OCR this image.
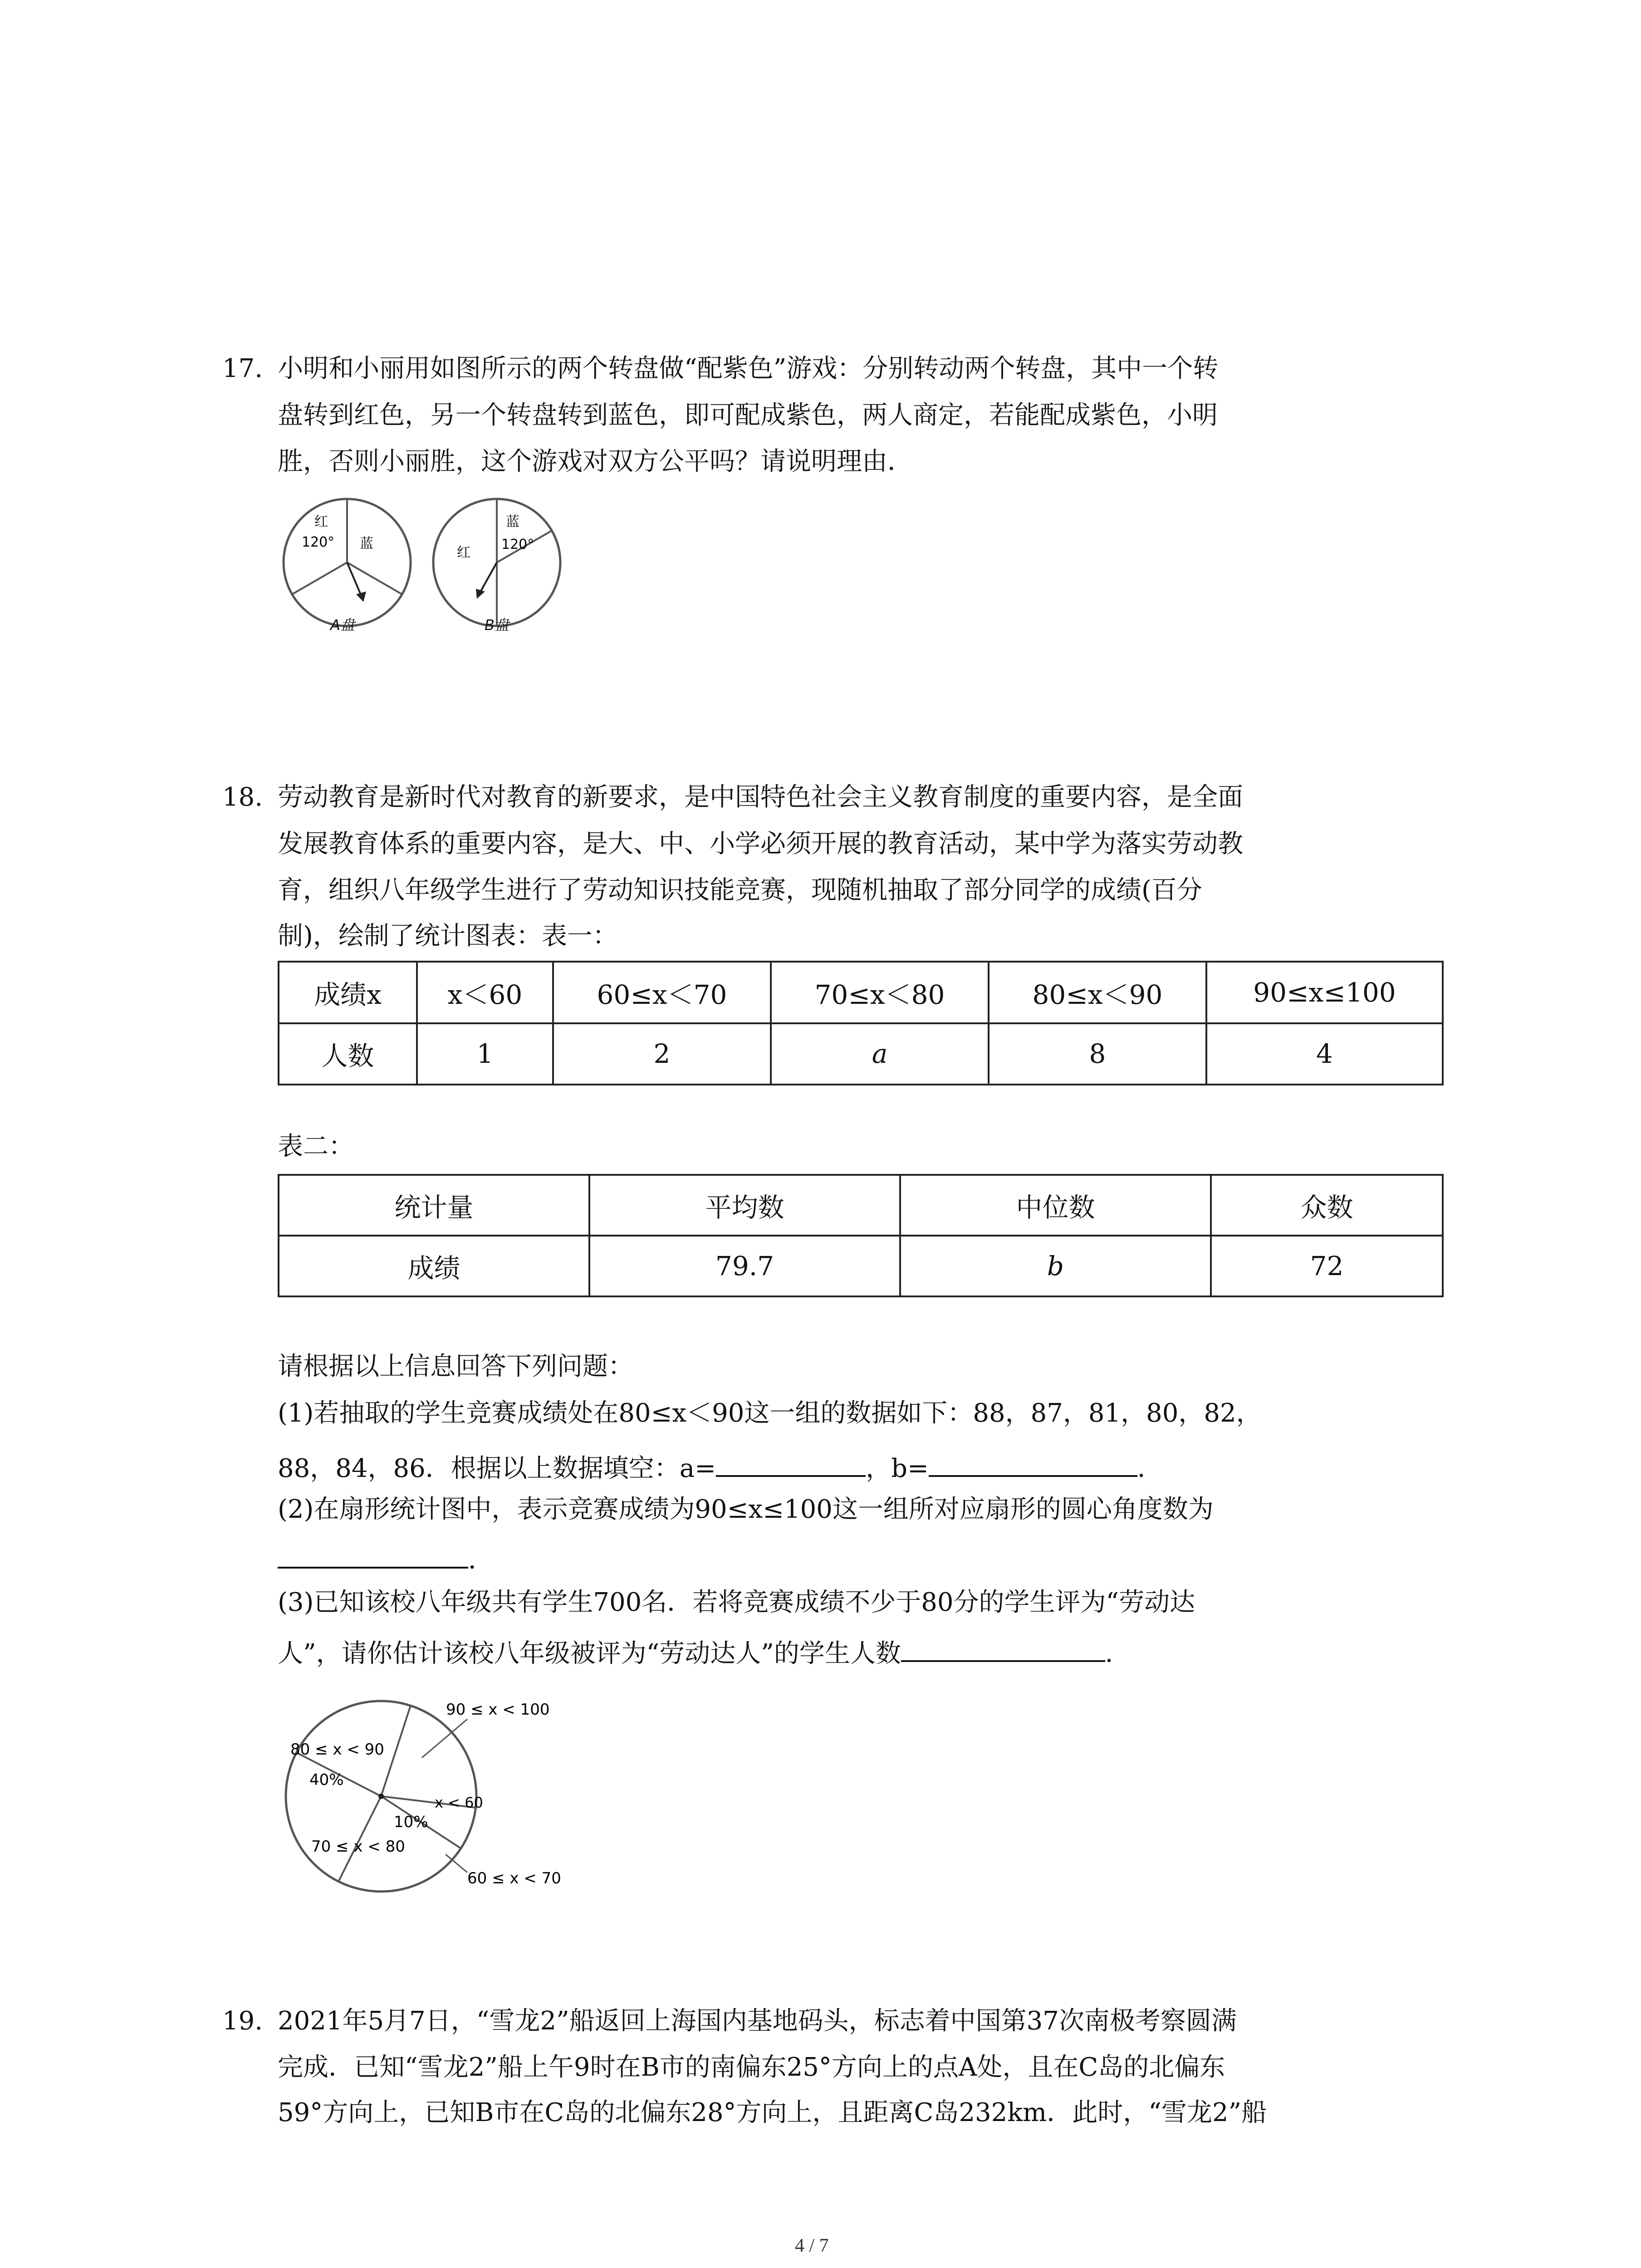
17. 小明和小丽用如图所示的两个转盘做“配紫色”游戏：分别转动两个转盘，其中一个转
盘转到红色，另一个转盘转到蓝色，即可配成紫色，两人商定，若能配成紫色，小明
胜，否则小丽胜，这个游戏对双方公平吗？请说明理由．
红
120° 蓝
A盘
蓝
红
120°
B盘
18. 劳动教育是新时代对教育的新要求，是中国特色社会主义教育制度的重要内容，是全面
发展教育体系的重要内容，是大、中、小学必须开展的教育活动，某中学为落实劳动教
育，组织八年级学生进行了劳动知识技能竞赛，现随机抽取了部分同学的成绩(百分
制)，绘制了统计图表：表一：
成绩x	x＜60	60≤x＜70	70≤x＜80	80≤x＜90	90≤x≤100
人数	1	2	a	8	4
表二：
统计量	平均数	中位数	众数
成绩	79.7	b	72
请根据以上信息回答下列问题：
(1)若抽取的学生竞赛成绩处在80≤x＜90这一组的数据如下：88，87，81，80，82，
88，84，86．根据以上数据填空：a=	，b=	．
(2)在扇形统计图中，表示竞赛成绩为90≤x≤100这一组所对应扇形的圆心角度数为
．
(3)已知该校八年级共有学生700名．若将竞赛成绩不少于80分的学生评为“劳动达
人”，请你估计该校八年级被评为“劳动达人”的学生人数	．
90 ≤ x < 100
80 ≤ x < 90
40%
x < 60
10%
70 ≤ x < 80
60 ≤ x < 70
19. 2021年5月7日，“雪龙2”船返回上海国内基地码头，标志着中国第37次南极考察圆满
完成．已知“雪龙2”船上午9时在B市的南偏东25°方向上的点A处，且在C岛的北偏东
59°方向上，已知B市在C岛的北偏东28°方向上，且距离C岛232km．此时，“雪龙2”船
4 / 7
